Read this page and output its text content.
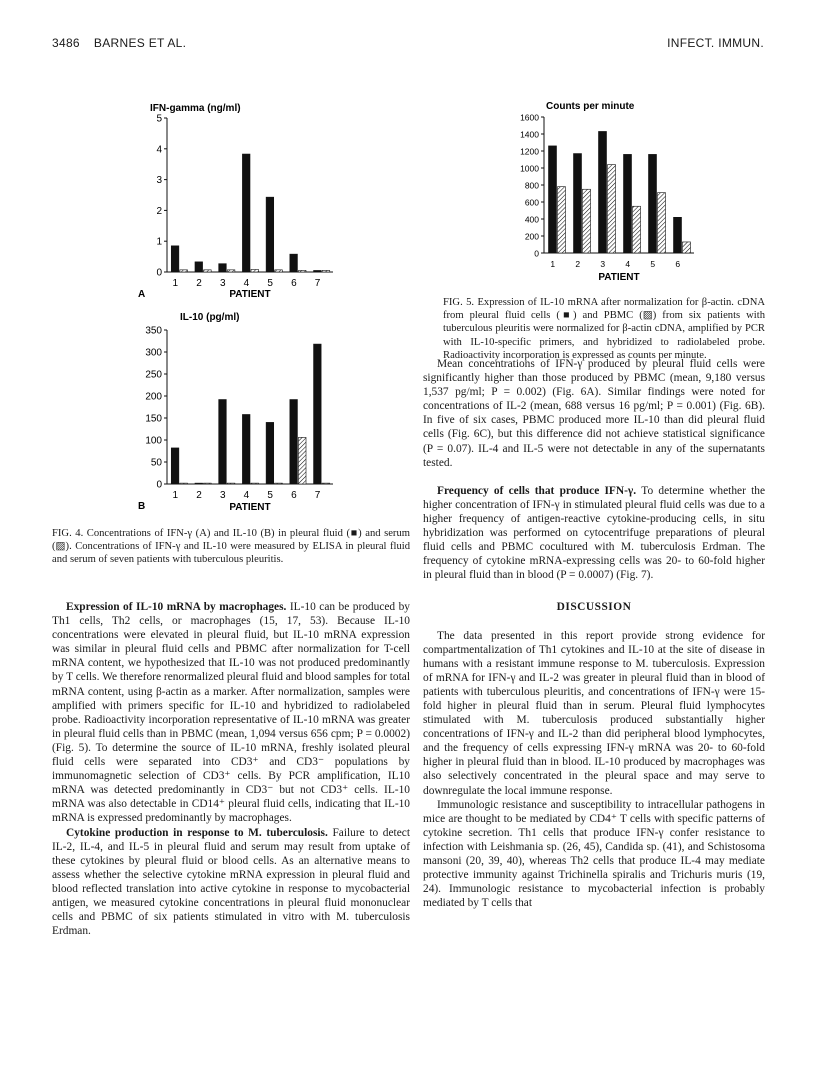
3486 BARNES ET AL.	INFECT. IMMUN.
IFN-gamma (ng/ml)
0
1
2
3
4
5
1 2 3 4 5 6 7
PATIENT
A
IL-10 (pg/ml)
0
50
100
150
200
250
300
350
1 2 3 4 5 6 7
PATIENT
B
Counts per minute
0
200
400
600
800
1000
1200
1400
1600
1 2 3 4 5 6
PATIENT
FIG. 5. Expression of IL-10 mRNA after normalization for β-actin. cDNA from pleural fluid cells (■) and PBMC (▨) from six patients with tuberculous pleuritis were normalized for β-actin cDNA, amplified by PCR with IL-10-specific primers, and hybridized to radiolabeled probe. Radioactivity incorporation is expressed as counts per minute.
FIG. 4. Concentrations of IFN-γ (A) and IL-10 (B) in pleural fluid (■) and serum (▨). Concentrations of IFN-γ and IL-10 were measured by ELISA in pleural fluid and serum of seven patients with tuberculous pleuritis.

Expression of IL-10 mRNA by macrophages. IL-10 can be produced by Th1 cells, Th2 cells, or macrophages (15, 17, 53). Because IL-10 concentrations were elevated in pleural fluid, but IL-10 mRNA expression was similar in pleural fluid cells and PBMC after normalization for T-cell mRNA content, we hypothesized that IL-10 was not produced predominantly by T cells. We therefore renormalized pleural fluid and blood samples for total mRNA content, using β-actin as a marker. After normalization, samples were amplified with primers specific for IL-10 and hybridized to radiolabeled probe. Radioactivity incorporation representative of IL-10 mRNA was greater in pleural fluid cells than in PBMC (mean, 1,094 versus 656 cpm; P = 0.0002) (Fig. 5). To determine the source of IL-10 mRNA, freshly isolated pleural fluid cells were separated into CD3⁺ and CD3⁻ populations by immunomagnetic selection of CD3⁺ cells. By PCR amplification, IL10 mRNA was detected predominantly in CD3⁻ but not CD3⁺ cells. IL-10 mRNA was also detectable in CD14⁺ pleural fluid cells, indicating that IL-10 mRNA is expressed predominantly by macrophages.

Cytokine production in response to M. tuberculosis. Failure to detect IL-2, IL-4, and IL-5 in pleural fluid and serum may result from uptake of these cytokines by pleural fluid or blood cells. As an alternative means to assess whether the selective cytokine mRNA expression in pleural fluid and blood reflected translation into active cytokine in response to mycobacterial antigen, we measured cytokine concentrations in pleural fluid mononuclear cells and PBMC of six patients stimulated in vitro with M. tuberculosis Erdman.

Mean concentrations of IFN-γ produced by pleural fluid cells were significantly higher than those produced by PBMC (mean, 9,180 versus 1,537 pg/ml; P = 0.002) (Fig. 6A). Similar findings were noted for concentrations of IL-2 (mean, 688 versus 16 pg/ml; P = 0.001) (Fig. 6B). In five of six cases, PBMC produced more IL-10 than did pleural fluid cells (Fig. 6C), but this difference did not achieve statistical significance (P = 0.07). IL-4 and IL-5 were not detectable in any of the supernatants tested.

Frequency of cells that produce IFN-γ. To determine whether the higher concentration of IFN-γ in stimulated pleural fluid cells was due to a higher frequency of antigen-reactive cytokine-producing cells, in situ hybridization was performed on cytocentrifuge preparations of pleural fluid cells and PBMC cocultured with M. tuberculosis Erdman. The frequency of cytokine mRNA-expressing cells was 20- to 60-fold higher in pleural fluid than in blood (P = 0.0007) (Fig. 7).

DISCUSSION

The data presented in this report provide strong evidence for compartmentalization of Th1 cytokines and IL-10 at the site of disease in humans with a resistant immune response to M. tuberculosis. Expression of mRNA for IFN-γ and IL-2 was greater in pleural fluid than in blood of patients with tuberculous pleuritis, and concentrations of IFN-γ were 15-fold higher in pleural fluid than in serum. Pleural fluid lymphocytes stimulated with M. tuberculosis produced substantially higher concentrations of IFN-γ and IL-2 than did peripheral blood lymphocytes, and the frequency of cells expressing IFN-γ mRNA was 20- to 60-fold higher in pleural fluid than in blood. IL-10 produced by macrophages was also selectively concentrated in the pleural space and may serve to downregulate the local immune response.

Immunologic resistance and susceptibility to intracellular pathogens in mice are thought to be mediated by CD4⁺ T cells with specific patterns of cytokine secretion. Th1 cells that produce IFN-γ confer resistance to infection with Leishmania sp. (26, 45), Candida sp. (41), and Schistosoma mansoni (20, 39, 40), whereas Th2 cells that produce IL-4 may mediate protective immunity against Trichinella spiralis and Trichuris muris (19, 24). Immunologic resistance to mycobacterial infection is probably mediated by T cells that
